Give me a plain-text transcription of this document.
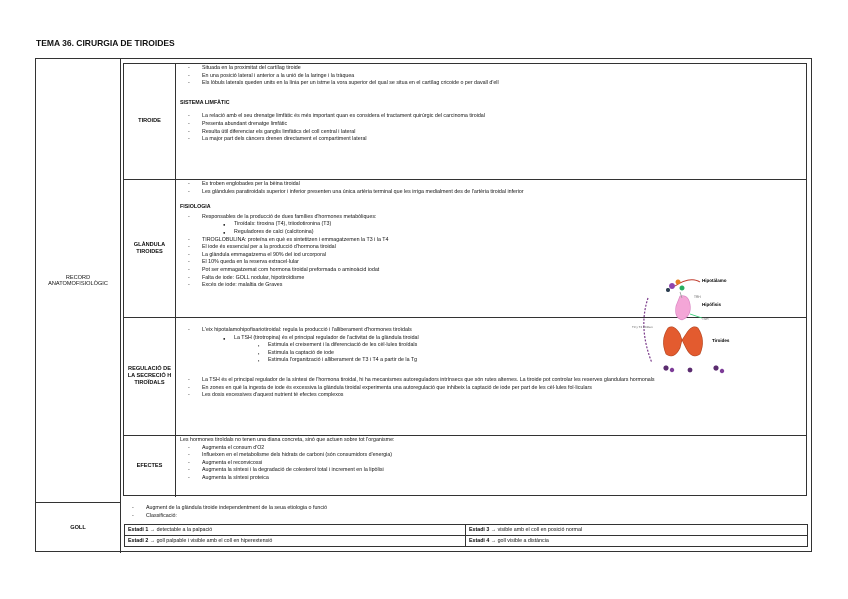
TEMA 36. CIRURGIA DE TIROIDES
RECORD ANATOMOFISIOLÒGIC
TIROIDE
- Situada en la proximitat del cartílag tiroide
- En una posició lateral i anterior a la unió de la laringe i la tràquea
- Els lòbuls laterals queden units en la línia per un istme la vora superior del qual se situa en el cartílag cricoide o per davall d'ell
SISTEMA LIMFÀTIC
- La relació amb el seu drenatge limfàtic és més important quan es considera el tractament quirúrgic del carcinoma tiroidal
- Presenta abundant drenatge limfàtic
- Resulta útil diferenciar els ganglis limfàtics del coll central i lateral
- La major part dels càncers drenen directament el compartiment lateral
GLÀNDULA TIROIDES
- Es troben englobades per la bèina tiroidal
- Les glàndules paratiroidals superior i inferior presenten una única artèria terminal que les irriga medialment des de l'artèria tiroidal inferior
FISIOLOGIA
- Responsables de la producció de dues famílies d'hormones metabòliques:
● Tiroïdals: tiroxina (T4), triiodotironina (T3)
● Reguladores de calci (calcitonina)
- TIROGLOBULINA: proteïna en què es sintetitzen i emmagatzemen la T3 i la T4
- El iode és essencial per a la producció d'hormona tiroidal
- La glàndula emmagatzema el 90% del iod urcorporal
- El 10% queda en la reserva extracel·lular
- Pot ser emmagatzemat com hormona tiroidal preformada o aminoàcid iodat
- Falta de iode: GOLL nodular, hipotiroïdisme
- Excés de iode: malaltia de Graves
REGULACIÓ DE LA SECRECIÓ H TIROÏDALS
- L'eix hipotalamohipofisariotiroidal: regula la producció i l'alliberament d'hormones tiroïdals
● La TSH (tirotropina) és el principal regulador de l'activitat de la glàndula tiroidal
▪ Estimula el creixement i la diferenciació de les cèl·lules tiroïdals
▪ Estimula la captació de iode
▪ Estimula l'organització i alliberament de T3 i T4 a partir de la Tg
- La TSH és el principal regulador de la síntesi de l'hormona tiroidal, hi ha mecanismes autoreguladors intrínsecs que són rutes alternes. La tiroide pot controlar les reserves glandulars hormonals
- En zones en què la ingesta de iode és excessiva la glàndula tiroidal experimenta una autoregulació que inhibeix la captació de iode per part de les cèl·lules fol·liculars
- Les dosis excessives d'aquest nutrient té efectes complexos
EFECTES
Les hormones tiroïdals no tenen una diana concreta, sinó que actuen sobre tot l'organisme:
- Augmenta el consum d'O2
- Influeixen en el metabolisme dels hidrats de carboni (són consumidors d'energia)
- Augmenta el reconvicossi
- Augmenta la síntesi i la degradació de colesterol total i increment en la lipòlisi
- Augmenta la síntesi proteica
GOLL
- Augment de la glàndula tiroide independentment de la seua etiologia o funció
- Classificació:
Estadi 1 → detectable a la palpació	Estadi 3 → visible amb el coll en posició normal
Estadi 2 → goll palpable i visible amb el coll en hiperextensió	Estadi 4 → goll visible a distància
Hipotálamo
Hipófisis
TRH
TSH
Tiroides
T3 y T4 inhiben
